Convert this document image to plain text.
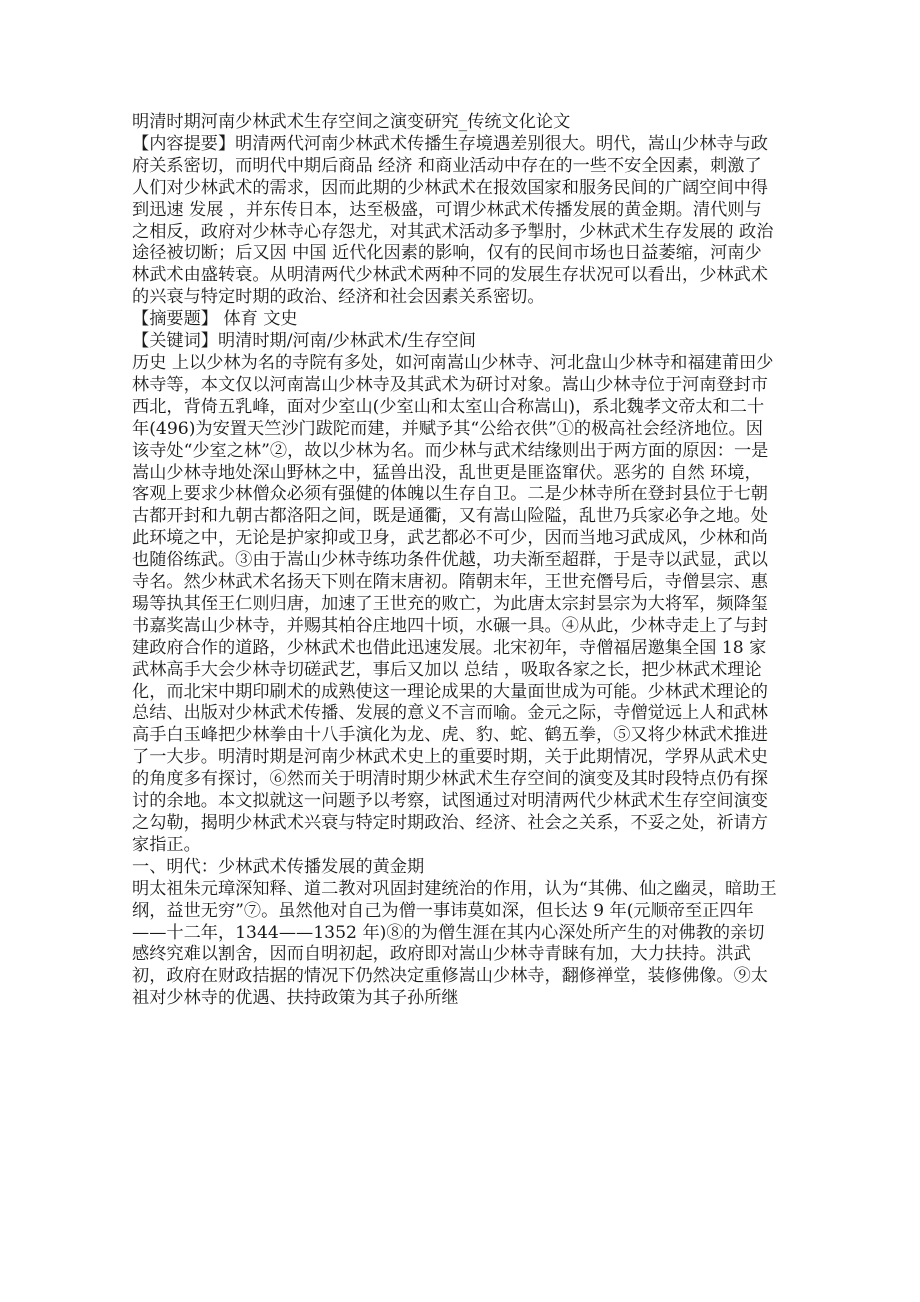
明清时期河南少林武术生存空间之演变研究_传统文化论文

【内容提要】明清两代河南少林武术传播生存境遇差别很大。明代，嵩山少林寺与政府关系密切，而明代中期后商品 经济 和商业活动中存在的一些不安全因素，刺激了人们对少林武术的需求，因而此期的少林武术在报效国家和服务民间的广阔空间中得到迅速 发展 ，并东传日本，达至极盛，可谓少林武术传播发展的黄金期。清代则与之相反，政府对少林寺心存怨尤，对其武术活动多予掣肘，少林武术生存发展的 政治 途径被切断；后又因 中国 近代化因素的影响，仅有的民间市场也日益萎缩，河南少林武术由盛转衰。从明清两代少林武术两种不同的发展生存状况可以看出，少林武术的兴衰与特定时期的政治、经济和社会因素关系密切。

【摘要题】 体育 文史

【关键词】明清时期/河南/少林武术/生存空间

历史 上以少林为名的寺院有多处，如河南嵩山少林寺、河北盘山少林寺和福建莆田少林寺等，本文仅以河南嵩山少林寺及其武术为研讨对象。嵩山少林寺位于河南登封市西北，背倚五乳峰，面对少室山(少室山和太室山合称嵩山)，系北魏孝文帝太和二十年(496)为安置天竺沙门跋陀而建，并赋予其“公给衣供”①的极高社会经济地位。因该寺处“少室之林”②，故以少林为名。而少林与武术结缘则出于两方面的原因：一是嵩山少林寺地处深山野林之中，猛兽出没，乱世更是匪盗窜伏。恶劣的 自然 环境，客观上要求少林僧众必须有强健的体魄以生存自卫。二是少林寺所在登封县位于七朝古都开封和九朝古都洛阳之间，既是通衢，又有嵩山险隘，乱世乃兵家必争之地。处此环境之中，无论是护家抑或卫身，武艺都必不可少，因而当地习武成风，少林和尚也随俗练武。③由于嵩山少林寺练功条件优越，功夫渐至超群，于是寺以武显，武以寺名。然少林武术名扬天下则在隋末唐初。隋朝末年，王世充僭号后，寺僧昙宗、惠瑒等执其侄王仁则归唐，加速了王世充的败亡，为此唐太宗封昙宗为大将军，频降玺书嘉奖嵩山少林寺，并赐其柏谷庄地四十顷，水碾一具。④从此，少林寺走上了与封建政府合作的道路，少林武术也借此迅速发展。北宋初年，寺僧福居邀集全国 18 家武林高手大会少林寺切磋武艺，事后又加以 总结 ，吸取各家之长，把少林武术理论化，而北宋中期印刷术的成熟使这一理论成果的大量面世成为可能。少林武术理论的总结、出版对少林武术传播、发展的意义不言而喻。金元之际，寺僧觉远上人和武林高手白玉峰把少林拳由十八手演化为龙、虎、豹、蛇、鹤五拳，⑤又将少林武术推进了一大步。明清时期是河南少林武术史上的重要时期，关于此期情况，学界从武术史的角度多有探讨，⑥然而关于明清时期少林武术生存空间的演变及其时段特点仍有探讨的余地。本文拟就这一问题予以考察，试图通过对明清两代少林武术生存空间演变之勾勒，揭明少林武术兴衰与特定时期政治、经济、社会之关系，不妥之处，祈请方家指正。

一、明代：少林武术传播发展的黄金期

明太祖朱元璋深知释、道二教对巩固封建统治的作用，认为“其佛、仙之幽灵，暗助王纲，益世无穷”⑦。虽然他对自己为僧一事讳莫如深，但长达 9 年(元顺帝至正四年——十二年，1344——1352 年)⑧的为僧生涯在其内心深处所产生的对佛教的亲切感终究难以割舍，因而自明初起，政府即对嵩山少林寺青睐有加，大力扶持。洪武初，政府在财政拮据的情况下仍然决定重修嵩山少林寺，翻修禅堂，装修佛像。⑨太祖对少林寺的优遇、扶持政策为其子孙所继
